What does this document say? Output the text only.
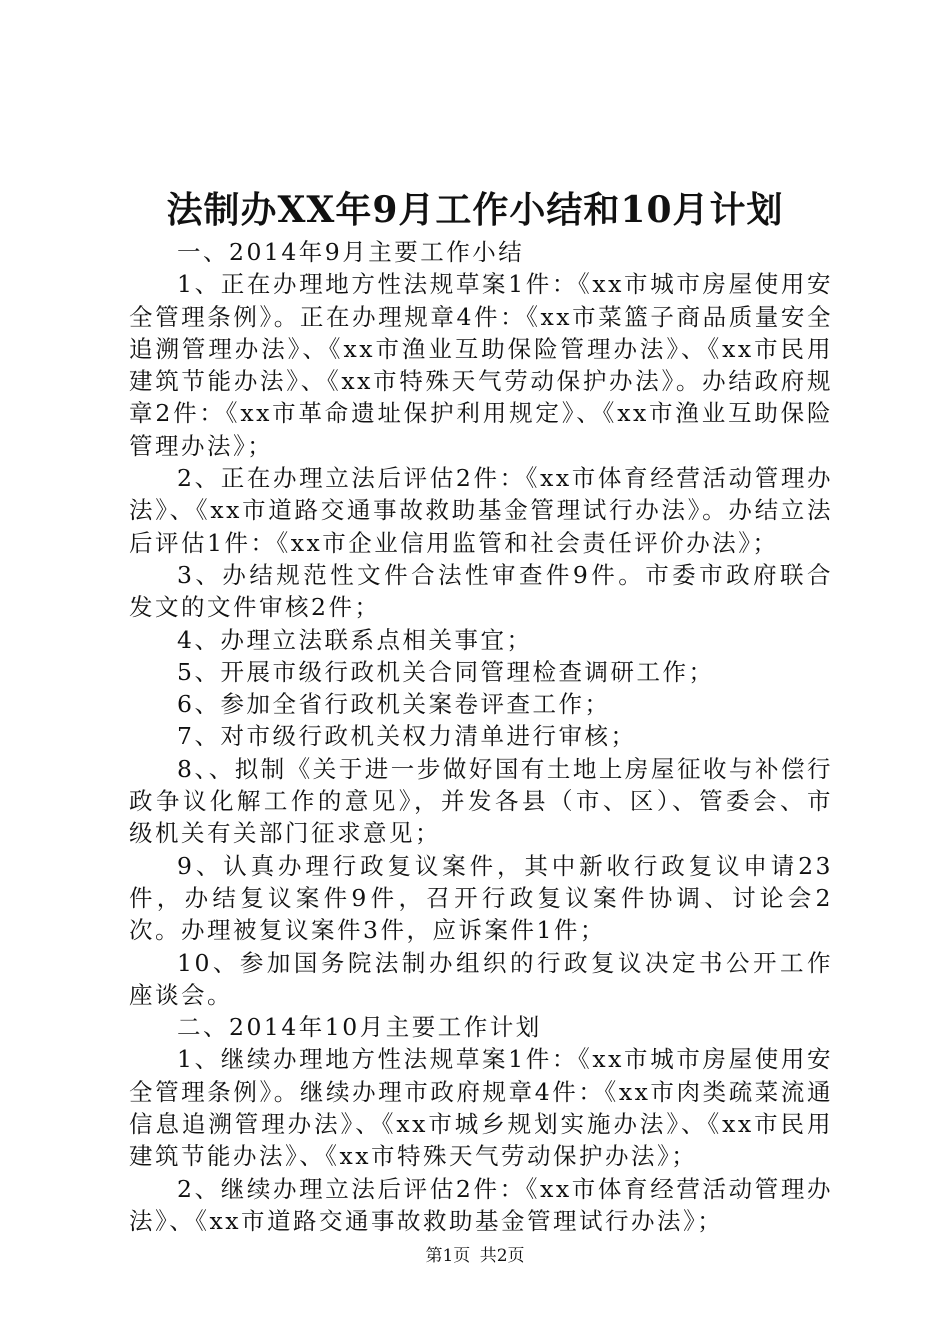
法制办XX年9月工作小结和10月计划

一、2014年9月主要工作小结

1、正在办理地方性法规草案1件：《xx市城市房屋使用安全管理条例》。正在办理规章4件：《xx市菜篮子商品质量安全追溯管理办法》、《xx市渔业互助保险管理办法》、《xx市民用建筑节能办法》、《xx市特殊天气劳动保护办法》。办结政府规章2件：《xx市革命遗址保护利用规定》、《xx市渔业互助保险管理办法》；

2、正在办理立法后评估2件：《xx市体育经营活动管理办法》、《xx市道路交通事故救助基金管理试行办法》。办结立法后评估1件：《xx市企业信用监管和社会责任评价办法》；

3、办结规范性文件合法性审查件9件。市委市政府联合发文的文件审核2件；

4、办理立法联系点相关事宜；

5、开展市级行政机关合同管理检查调研工作；

6、参加全省行政机关案卷评查工作；

7、对市级行政机关权力清单进行审核；

8、、拟制《关于进一步做好国有土地上房屋征收与补偿行政争议化解工作的意见》，并发各县（市、区）、管委会、市级机关有关部门征求意见；

9、认真办理行政复议案件，其中新收行政复议申请23件，办结复议案件9件，召开行政复议案件协调、讨论会2次。办理被复议案件3件，应诉案件1件；

10、参加国务院法制办组织的行政复议决定书公开工作座谈会。

二、2014年10月主要工作计划

1、继续办理地方性法规草案1件：《xx市城市房屋使用安全管理条例》。继续办理市政府规章4件：《xx市肉类疏菜流通信息追溯管理办法》、《xx市城乡规划实施办法》、《xx市民用建筑节能办法》、《xx市特殊天气劳动保护办法》；

2、继续办理立法后评估2件：《xx市体育经营活动管理办法》、《xx市道路交通事故救助基金管理试行办法》；

第1页 共2页
